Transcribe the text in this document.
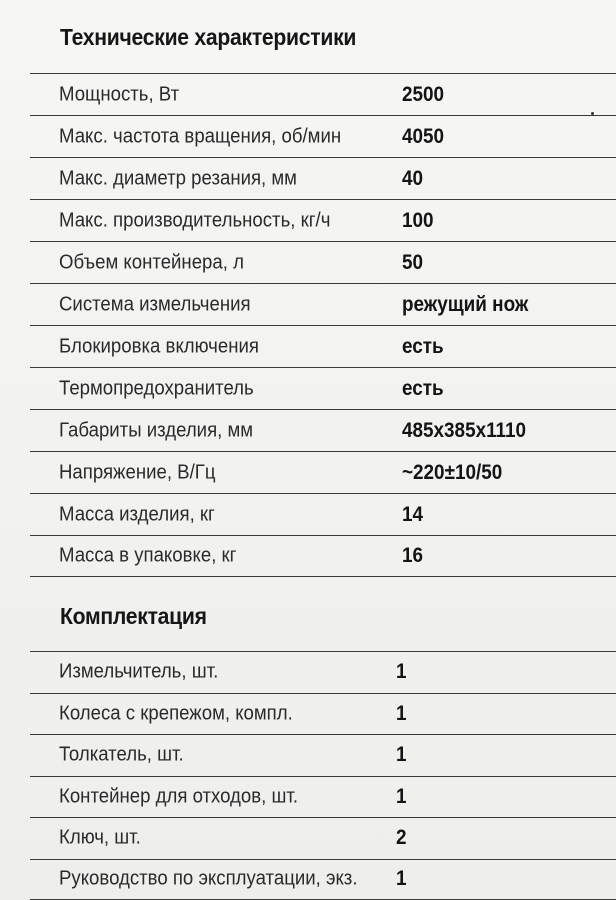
Технические характеристики
Мощность, Вт	2500
Макс. частота вращения, об/мин	4050
Макс. диаметр резания, мм	40
Макс. производительность, кг/ч	100
Объем контейнера, л	50
Система измельчения	режущий нож
Блокировка включения	есть
Термопредохранитель	есть
Габариты изделия, мм	485x385x1110
Напряжение, В/Гц	~220±10/50
Масса изделия, кг	14
Масса в упаковке, кг	16
Комплектация
Измельчитель, шт.	1
Колеса с крепежом, компл.	1
Толкатель, шт.	1
Контейнер для отходов, шт.	1
Ключ, шт.	2
Руководство по эксплуатации, экз. 1
